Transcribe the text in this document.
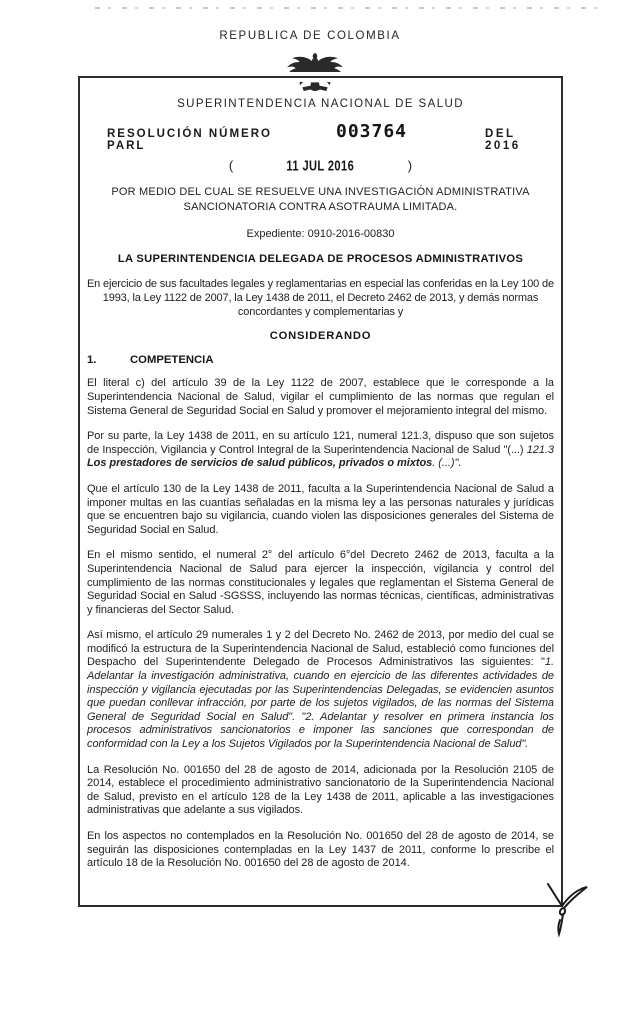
REPUBLICA DE COLOMBIA
SUPERINTENDENCIA NACIONAL DE SALUD
RESOLUCIÓN NÚMERO PARL
003764	DEL 2016
(	11 JUL 2016	)
POR MEDIO DEL CUAL SE RESUELVE UNA INVESTIGACIÓN ADMINISTRATIVA SANCIONATORIA CONTRA ASOTRAUMA LIMITADA.
Expediente: 0910-2016-00830
LA SUPERINTENDENCIA DELEGADA DE PROCESOS ADMINISTRATIVOS
En ejercicio de sus facultades legales y reglamentarias en especial las conferidas en la Ley 100 de 1993, la Ley 1122 de 2007, la Ley 1438 de 2011, el Decreto 2462 de 2013, y demás normas concordantes y complementarias y
CONSIDERANDO
1.	COMPETENCIA

El literal c) del artículo 39 de la Ley 1122 de 2007, establece que le corresponde a la Superintendencia Nacional de Salud, vigilar el cumplimiento de las normas que regulan el Sistema General de Seguridad Social en Salud y promover el mejoramiento integral del mismo.

Por su parte, la Ley 1438 de 2011, en su artículo 121, numeral 121.3, dispuso que son sujetos de Inspección, Vigilancia y Control Integral de la Superintendencia Nacional de Salud "(...) 121.3 Los prestadores de servicios de salud públicos, privados o mixtos. (...)".

Que el artículo 130 de la Ley 1438 de 2011, faculta a la Superintendencia Nacional de Salud a imponer multas en las cuantías señaladas en la misma ley a las personas naturales y jurídicas que se encuentren bajo su vigilancia, cuando violen las disposiciones generales del Sistema de Seguridad Social en Salud.

En el mismo sentido, el numeral 2° del artículo 6°del Decreto 2462 de 2013, faculta a la Superintendencia Nacional de Salud para ejercer la inspección, vigilancia y control del cumplimiento de las normas constitucionales y legales que reglamentan el Sistema General de Seguridad Social en Salud -SGSSS, incluyendo las normas técnicas, científicas, administrativas y financieras del Sector Salud.

Así mismo, el artículo 29 numerales 1 y 2 del Decreto No. 2462 de 2013, por medio del cual se modificó la estructura de la Superintendencia Nacional de Salud, estableció como funciones del Despacho del Superintendente Delegado de Procesos Administrativos las siguientes: "1. Adelantar la investigación administrativa, cuando en ejercicio de las diferentes actividades de inspección y vigilancia ejecutadas por las Superintendencias Delegadas, se evidencien asuntos que puedan conllevar infracción, por parte de los sujetos vigilados, de las normas del Sistema General de Seguridad Social en Salud". "2. Adelantar y resolver en primera instancia los procesos administrativos sancionatorios e imponer las sanciones que correspondan de conformidad con la Ley a los Sujetos Vigilados por la Superintendencia Nacional de Salud".

La Resolución No. 001650 del 28 de agosto de 2014, adicionada por la Resolución 2105 de 2014, establece el procedimiento administrativo sancionatorio de la Superintendencia Nacional de Salud, previsto en el artículo 128 de la Ley 1438 de 2011, aplicable a las investigaciones administrativas que adelante a sus vigilados.

En los aspectos no contemplados en la Resolución No. 001650 del 28 de agosto de 2014, se seguirán las disposiciones contempladas en la Ley 1437 de 2011, conforme lo prescribe el artículo 18 de la Resolución No. 001650 del 28 de agosto de 2014.
